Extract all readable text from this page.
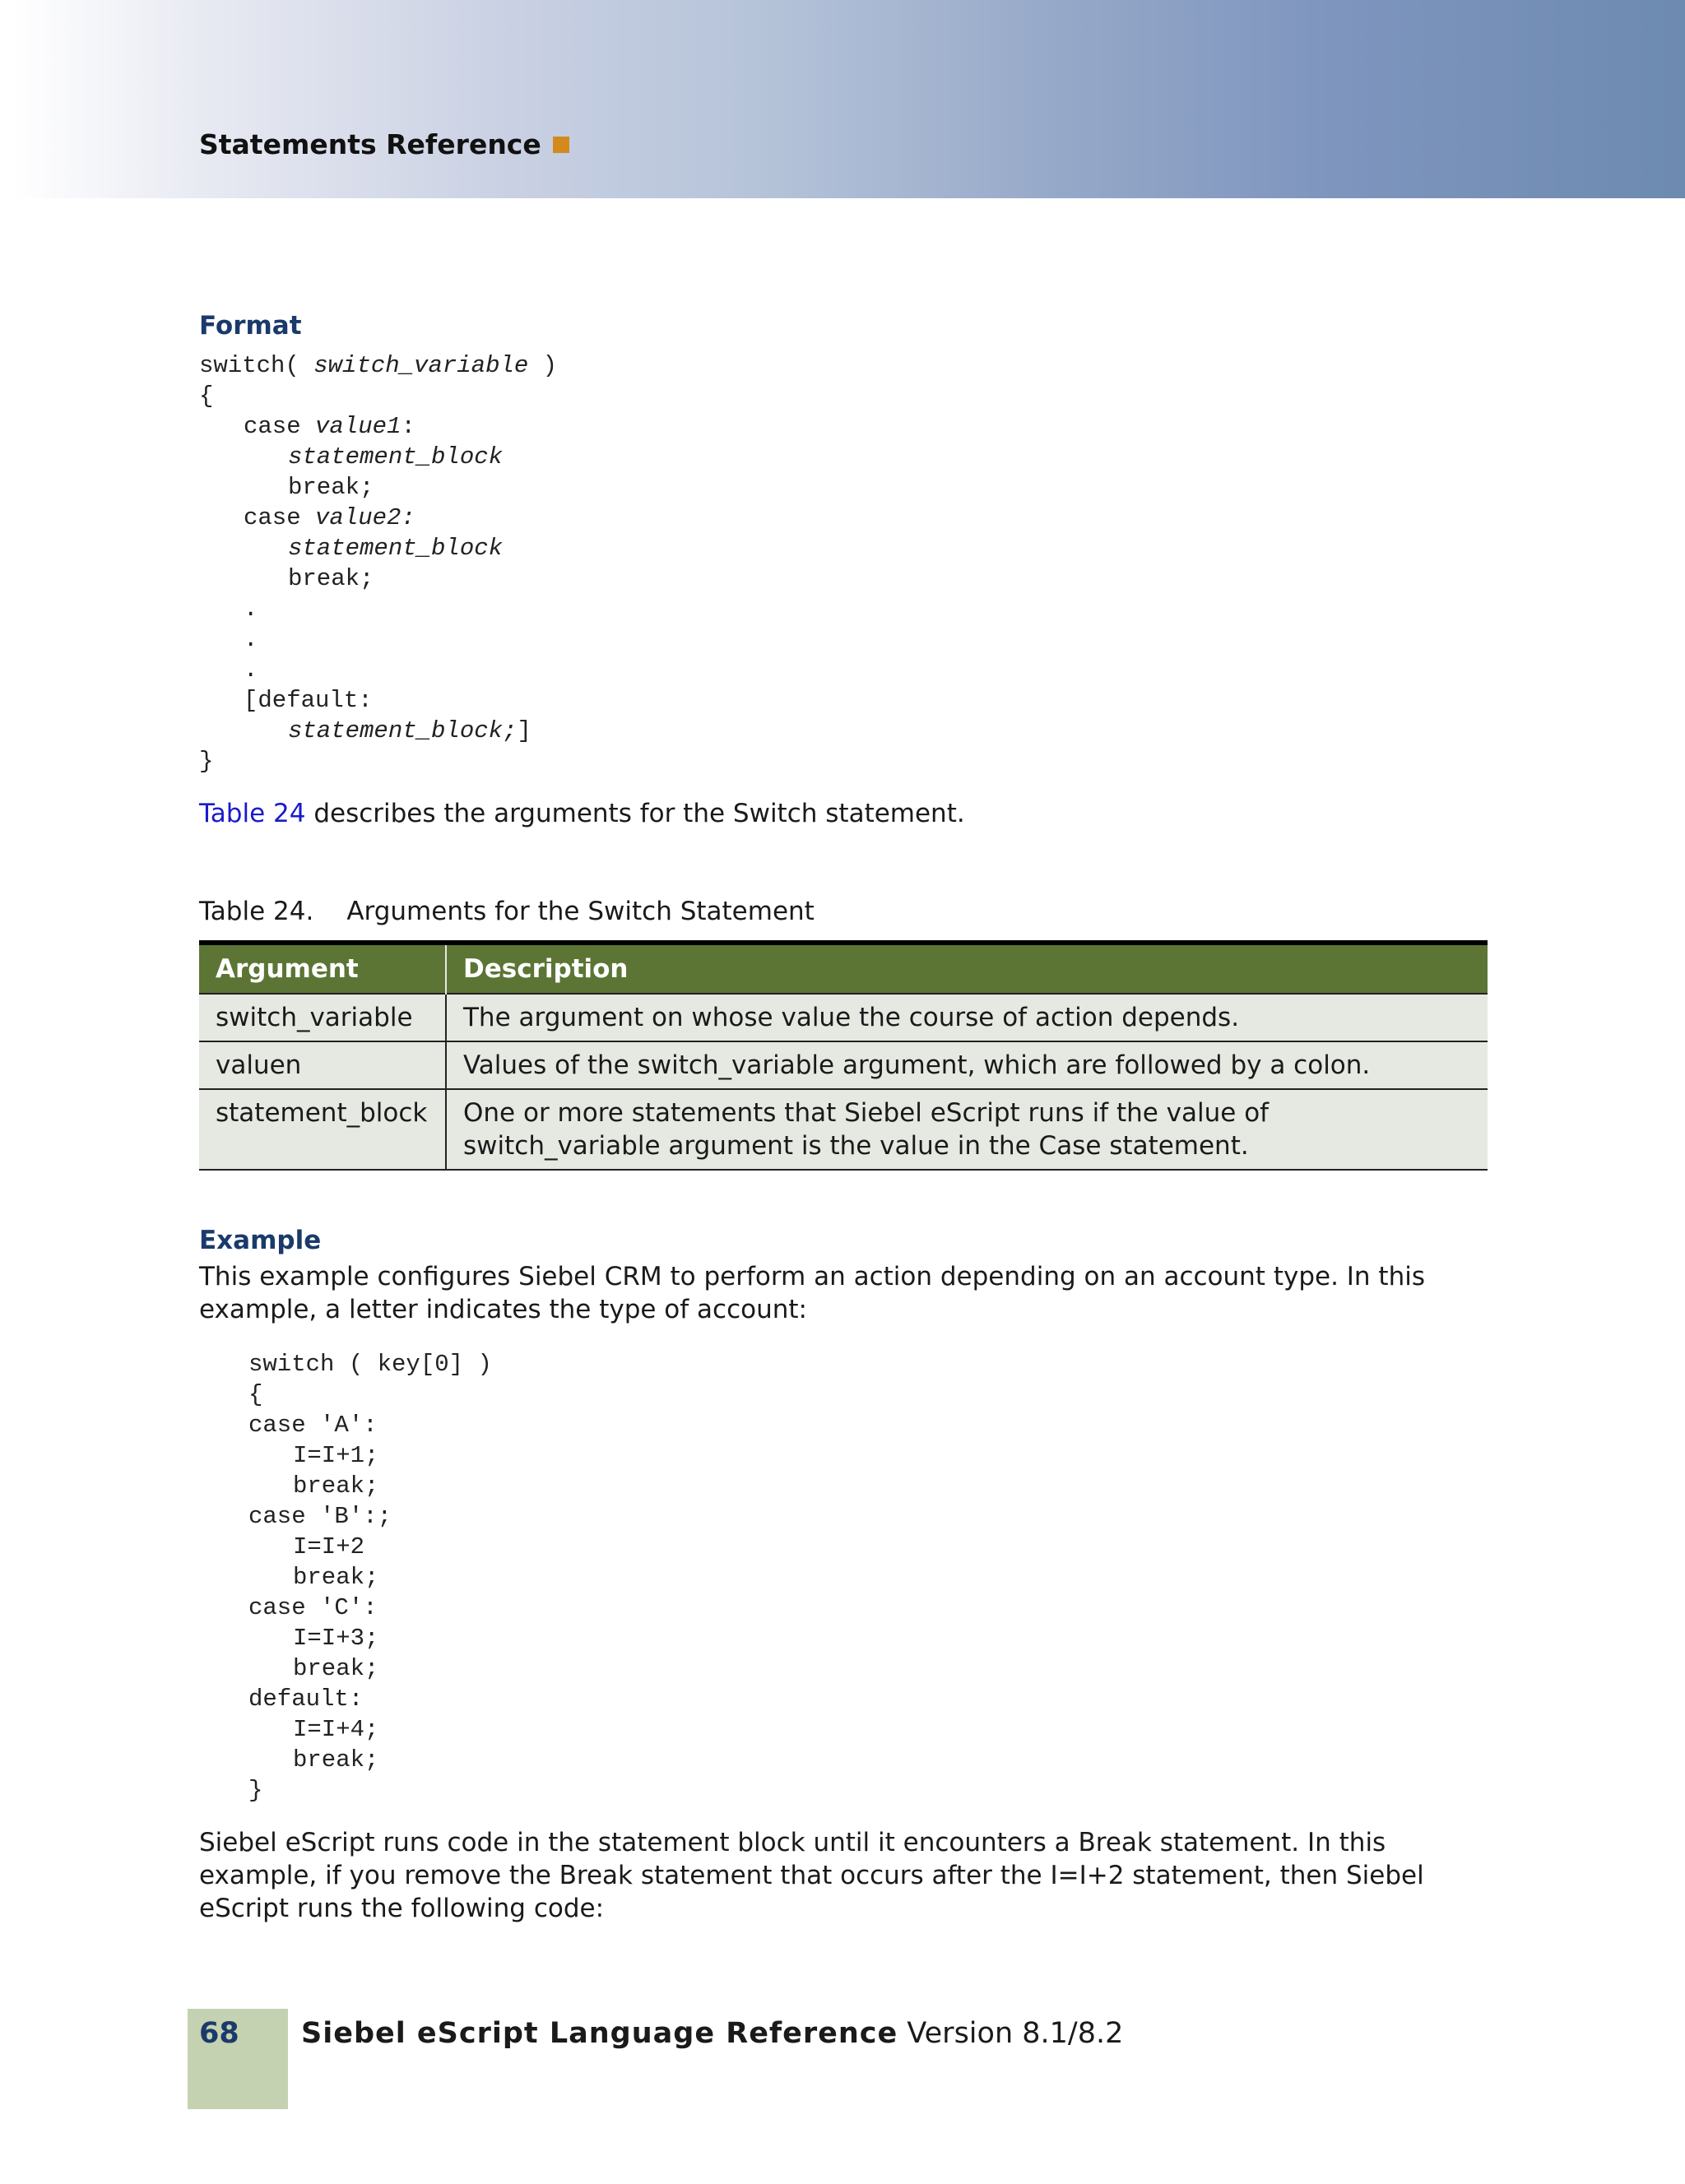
Statements Reference
Format
switch( switch_variable )
{
case value1:
statement_block
break;
case value2:
statement_block
break;
.
.
.
[default:
statement_block;]
}
Table 24 describes the arguments for the Switch statement.
Table 24. Arguments for the Switch Statement
Argument	Description
switch_variable	The argument on whose value the course of action depends.
valuen	Values of the switch_variable argument, which are followed by a colon.
statement_block	One or more statements that Siebel eScript runs if the value of switch_variable argument is the value in the Case statement.
Example
This example configures Siebel CRM to perform an action depending on an account type. In this example, a letter indicates the type of account:
switch ( key[0] )
{
case 'A':
I=I+1;
break;
case 'B':;
I=I+2
break;
case 'C':
I=I+3;
break;
default:
I=I+4;
break;
}
Siebel eScript runs code in the statement block until it encounters a Break statement. In this example, if you remove the Break statement that occurs after the I=I+2 statement, then Siebel eScript runs the following code:
68 Siebel eScript Language Reference Version 8.1/8.2
